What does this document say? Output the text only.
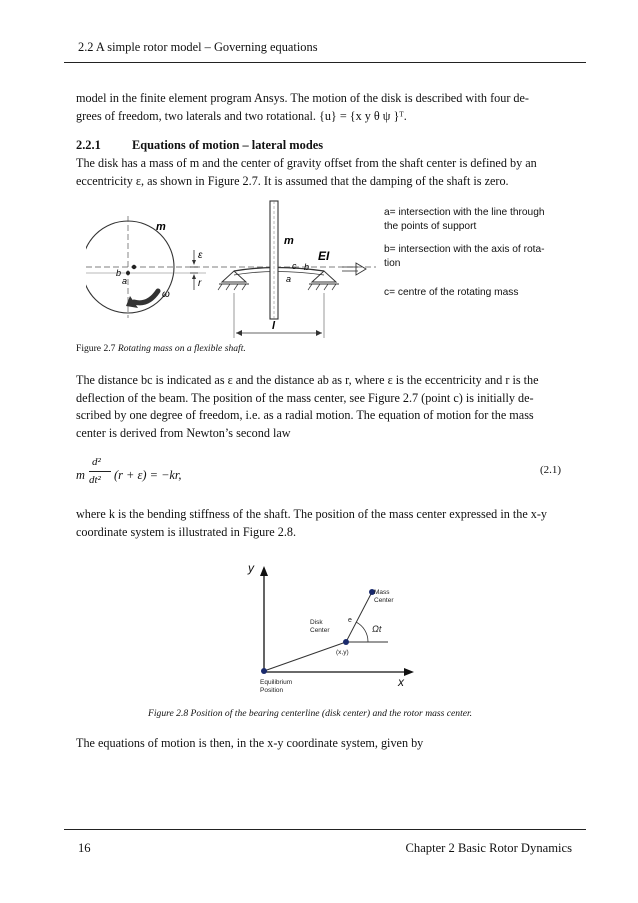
2.2 A simple rotor model – Governing equations
model in the finite element program Ansys. The motion of the disk is described with four de-
grees of freedom, two laterals and two rotational. {u} = {x y θ ψ }ᵀ.
2.2.1	Equations of motion – lateral modes
The disk has a mass of m and the center of gravity offset from the shaft center is defined by an
eccentricity ε, as shown in Figure 2.7. It is assumed that the damping of the shaft is zero.
m
ε
r
ω
b
a
m
c b
a
EI
l
a= intersection with the line through
the points of support
b= intersection with the axis of rota-
tion
c= centre of the rotating mass
Figure 2.7 Rotating mass on a flexible shaft.
The distance bc is indicated as ε and the distance ab as r, where ε is the eccentricity and r is the
deflection of the beam. The position of the mass center, see Figure 2.7 (point c) is initially de-
scribed by one degree of freedom, i.e. as a radial motion. The equation of motion for the mass
center is derived from Newton’s second law
m
d²
dt² (r + ε) = −kr,	(2.1)
where k is the bending stiffness of the shaft. The position of the mass center expressed in the x-y
coordinate system is illustrated in Figure 2.8.
y
x
Mass
Center
Disk
Center
e
Ωt
(x,y)
Equilibrium
Position
Figure 2.8 Position of the bearing centerline (disk center) and the rotor mass center.
The equations of motion is then, in the x-y coordinate system, given by
16	Chapter 2 Basic Rotor Dynamics
